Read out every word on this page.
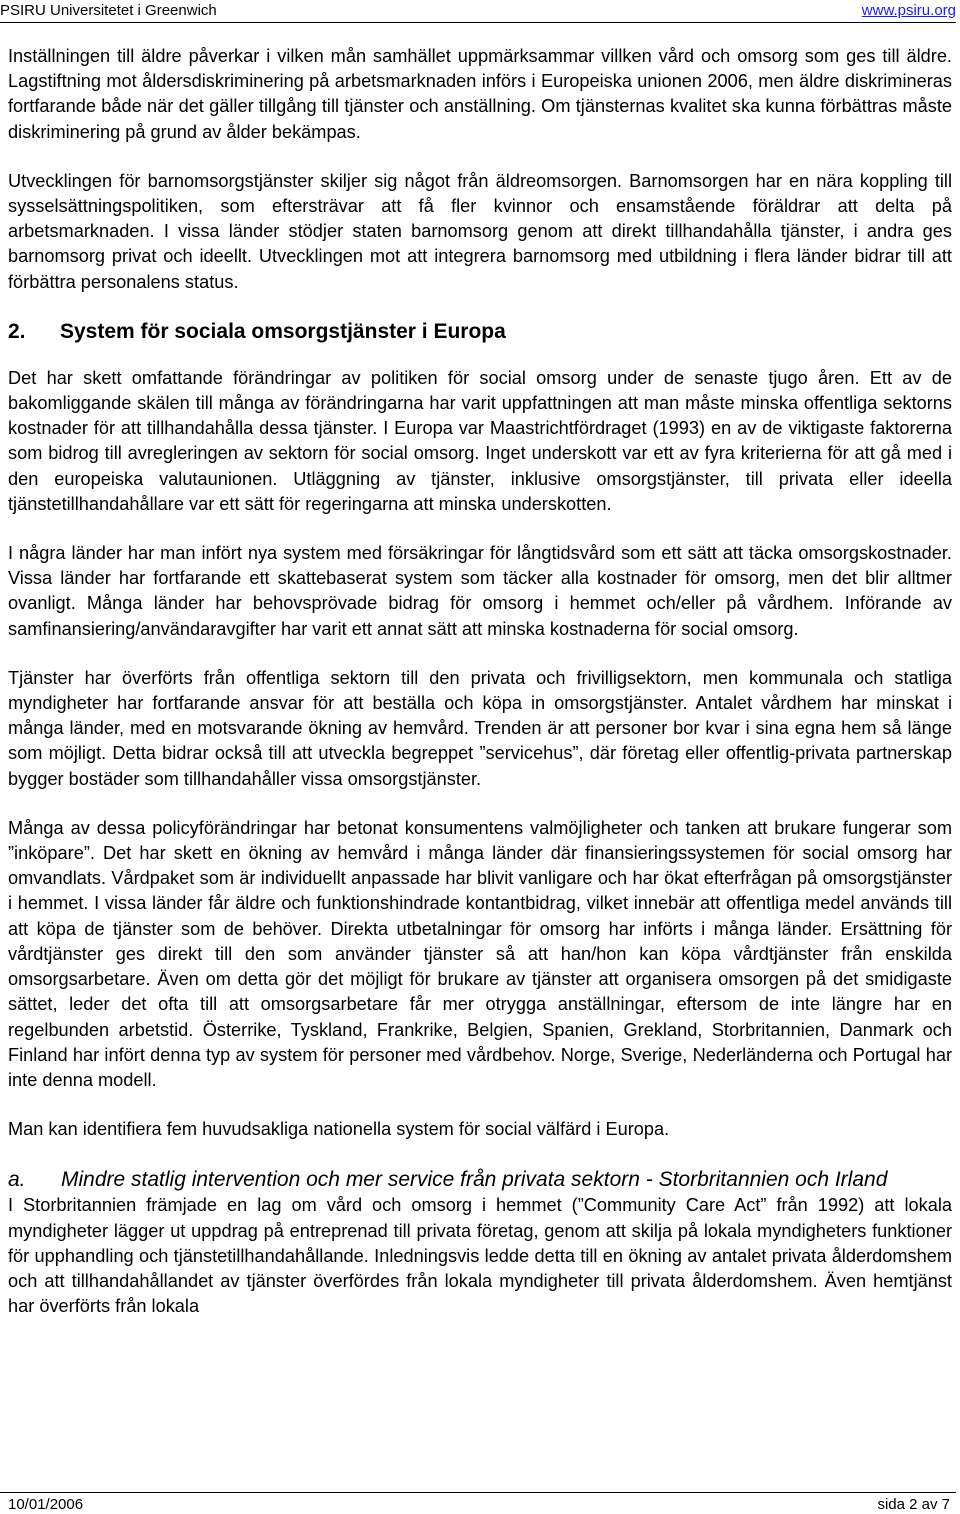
PSIRU Universitetet i Greenwich	www.psiru.org

Inställningen till äldre påverkar i vilken mån samhället uppmärksammar villken vård och omsorg som ges till äldre. Lagstiftning mot åldersdiskriminering på arbetsmarknaden införs i Europeiska unionen 2006, men äldre diskrimineras fortfarande både när det gäller tillgång till tjänster och anställning. Om tjänsternas kvalitet ska kunna förbättras måste diskriminering på grund av ålder bekämpas.

Utvecklingen för barnomsorgstjänster skiljer sig något från äldreomsorgen. Barnomsorgen har en nära koppling till sysselsättningspolitiken, som eftersträvar att få fler kvinnor och ensamstående föräldrar att delta på arbetsmarknaden. I vissa länder stödjer staten barnomsorg genom att direkt tillhandahålla tjänster, i andra ges barnomsorg privat och ideellt. Utvecklingen mot att integrera barnomsorg med utbildning i flera länder bidrar till att förbättra personalens status.

2. System för sociala omsorgstjänster i Europa

Det har skett omfattande förändringar av politiken för social omsorg under de senaste tjugo åren. Ett av de bakomliggande skälen till många av förändringarna har varit uppfattningen att man måste minska offentliga sektorns kostnader för att tillhandahålla dessa tjänster. I Europa var Maastrichtfördraget (1993) en av de viktigaste faktorerna som bidrog till avregleringen av sektorn för social omsorg. Inget underskott var ett av fyra kriterierna för att gå med i den europeiska valutaunionen. Utläggning av tjänster, inklusive omsorgstjänster, till privata eller ideella tjänstetillhandahållare var ett sätt för regeringarna att minska underskotten.

I några länder har man infört nya system med försäkringar för långtidsvård som ett sätt att täcka omsorgskostnader. Vissa länder har fortfarande ett skattebaserat system som täcker alla kostnader för omsorg, men det blir alltmer ovanligt. Många länder har behovsprövade bidrag för omsorg i hemmet och/eller på vårdhem. Införande av samfinansiering/användaravgifter har varit ett annat sätt att minska kostnaderna för social omsorg.

Tjänster har överförts från offentliga sektorn till den privata och frivilligsektorn, men kommunala och statliga myndigheter har fortfarande ansvar för att beställa och köpa in omsorgstjänster. Antalet vårdhem har minskat i många länder, med en motsvarande ökning av hemvård. Trenden är att personer bor kvar i sina egna hem så länge som möjligt. Detta bidrar också till att utveckla begreppet ”servicehus”, där företag eller offentlig-privata partnerskap bygger bostäder som tillhandahåller vissa omsorgstjänster.

Många av dessa policyförändringar har betonat konsumentens valmöjligheter och tanken att brukare fungerar som ”inköpare”. Det har skett en ökning av hemvård i många länder där finansieringssystemen för social omsorg har omvandlats. Vårdpaket som är individuellt anpassade har blivit vanligare och har ökat efterfrågan på omsorgstjänster i hemmet. I vissa länder får äldre och funktionshindrade kontantbidrag, vilket innebär att offentliga medel används till att köpa de tjänster som de behöver. Direkta utbetalningar för omsorg har införts i många länder. Ersättning för vårdtjänster ges direkt till den som använder tjänster så att han/hon kan köpa vårdtjänster från enskilda omsorgsarbetare. Även om detta gör det möjligt för brukare av tjänster att organisera omsorgen på det smidigaste sättet, leder det ofta till att omsorgsarbetare får mer otrygga anställningar, eftersom de inte längre har en regelbunden arbetstid. Österrike, Tyskland, Frankrike, Belgien, Spanien, Grekland, Storbritannien, Danmark och Finland har infört denna typ av system för personer med vårdbehov. Norge, Sverige, Nederländerna och Portugal har inte denna modell.

Man kan identifiera fem huvudsakliga nationella system för social välfärd i Europa.

a. Mindre statlig intervention och mer service från privata sektorn - Storbritannien och Irland

I Storbritannien främjade en lag om vård och omsorg i hemmet (”Community Care Act” från 1992) att lokala myndigheter lägger ut uppdrag på entreprenad till privata företag, genom att skilja på lokala myndigheters funktioner för upphandling och tjänstetillhandahållande. Inledningsvis ledde detta till en ökning av antalet privata ålderdomshem och att tillhandahållandet av tjänster överfördes från lokala myndigheter till privata ålderdomshem. Även hemtjänst har överförts från lokala

10/01/2006	sida 2 av 7
